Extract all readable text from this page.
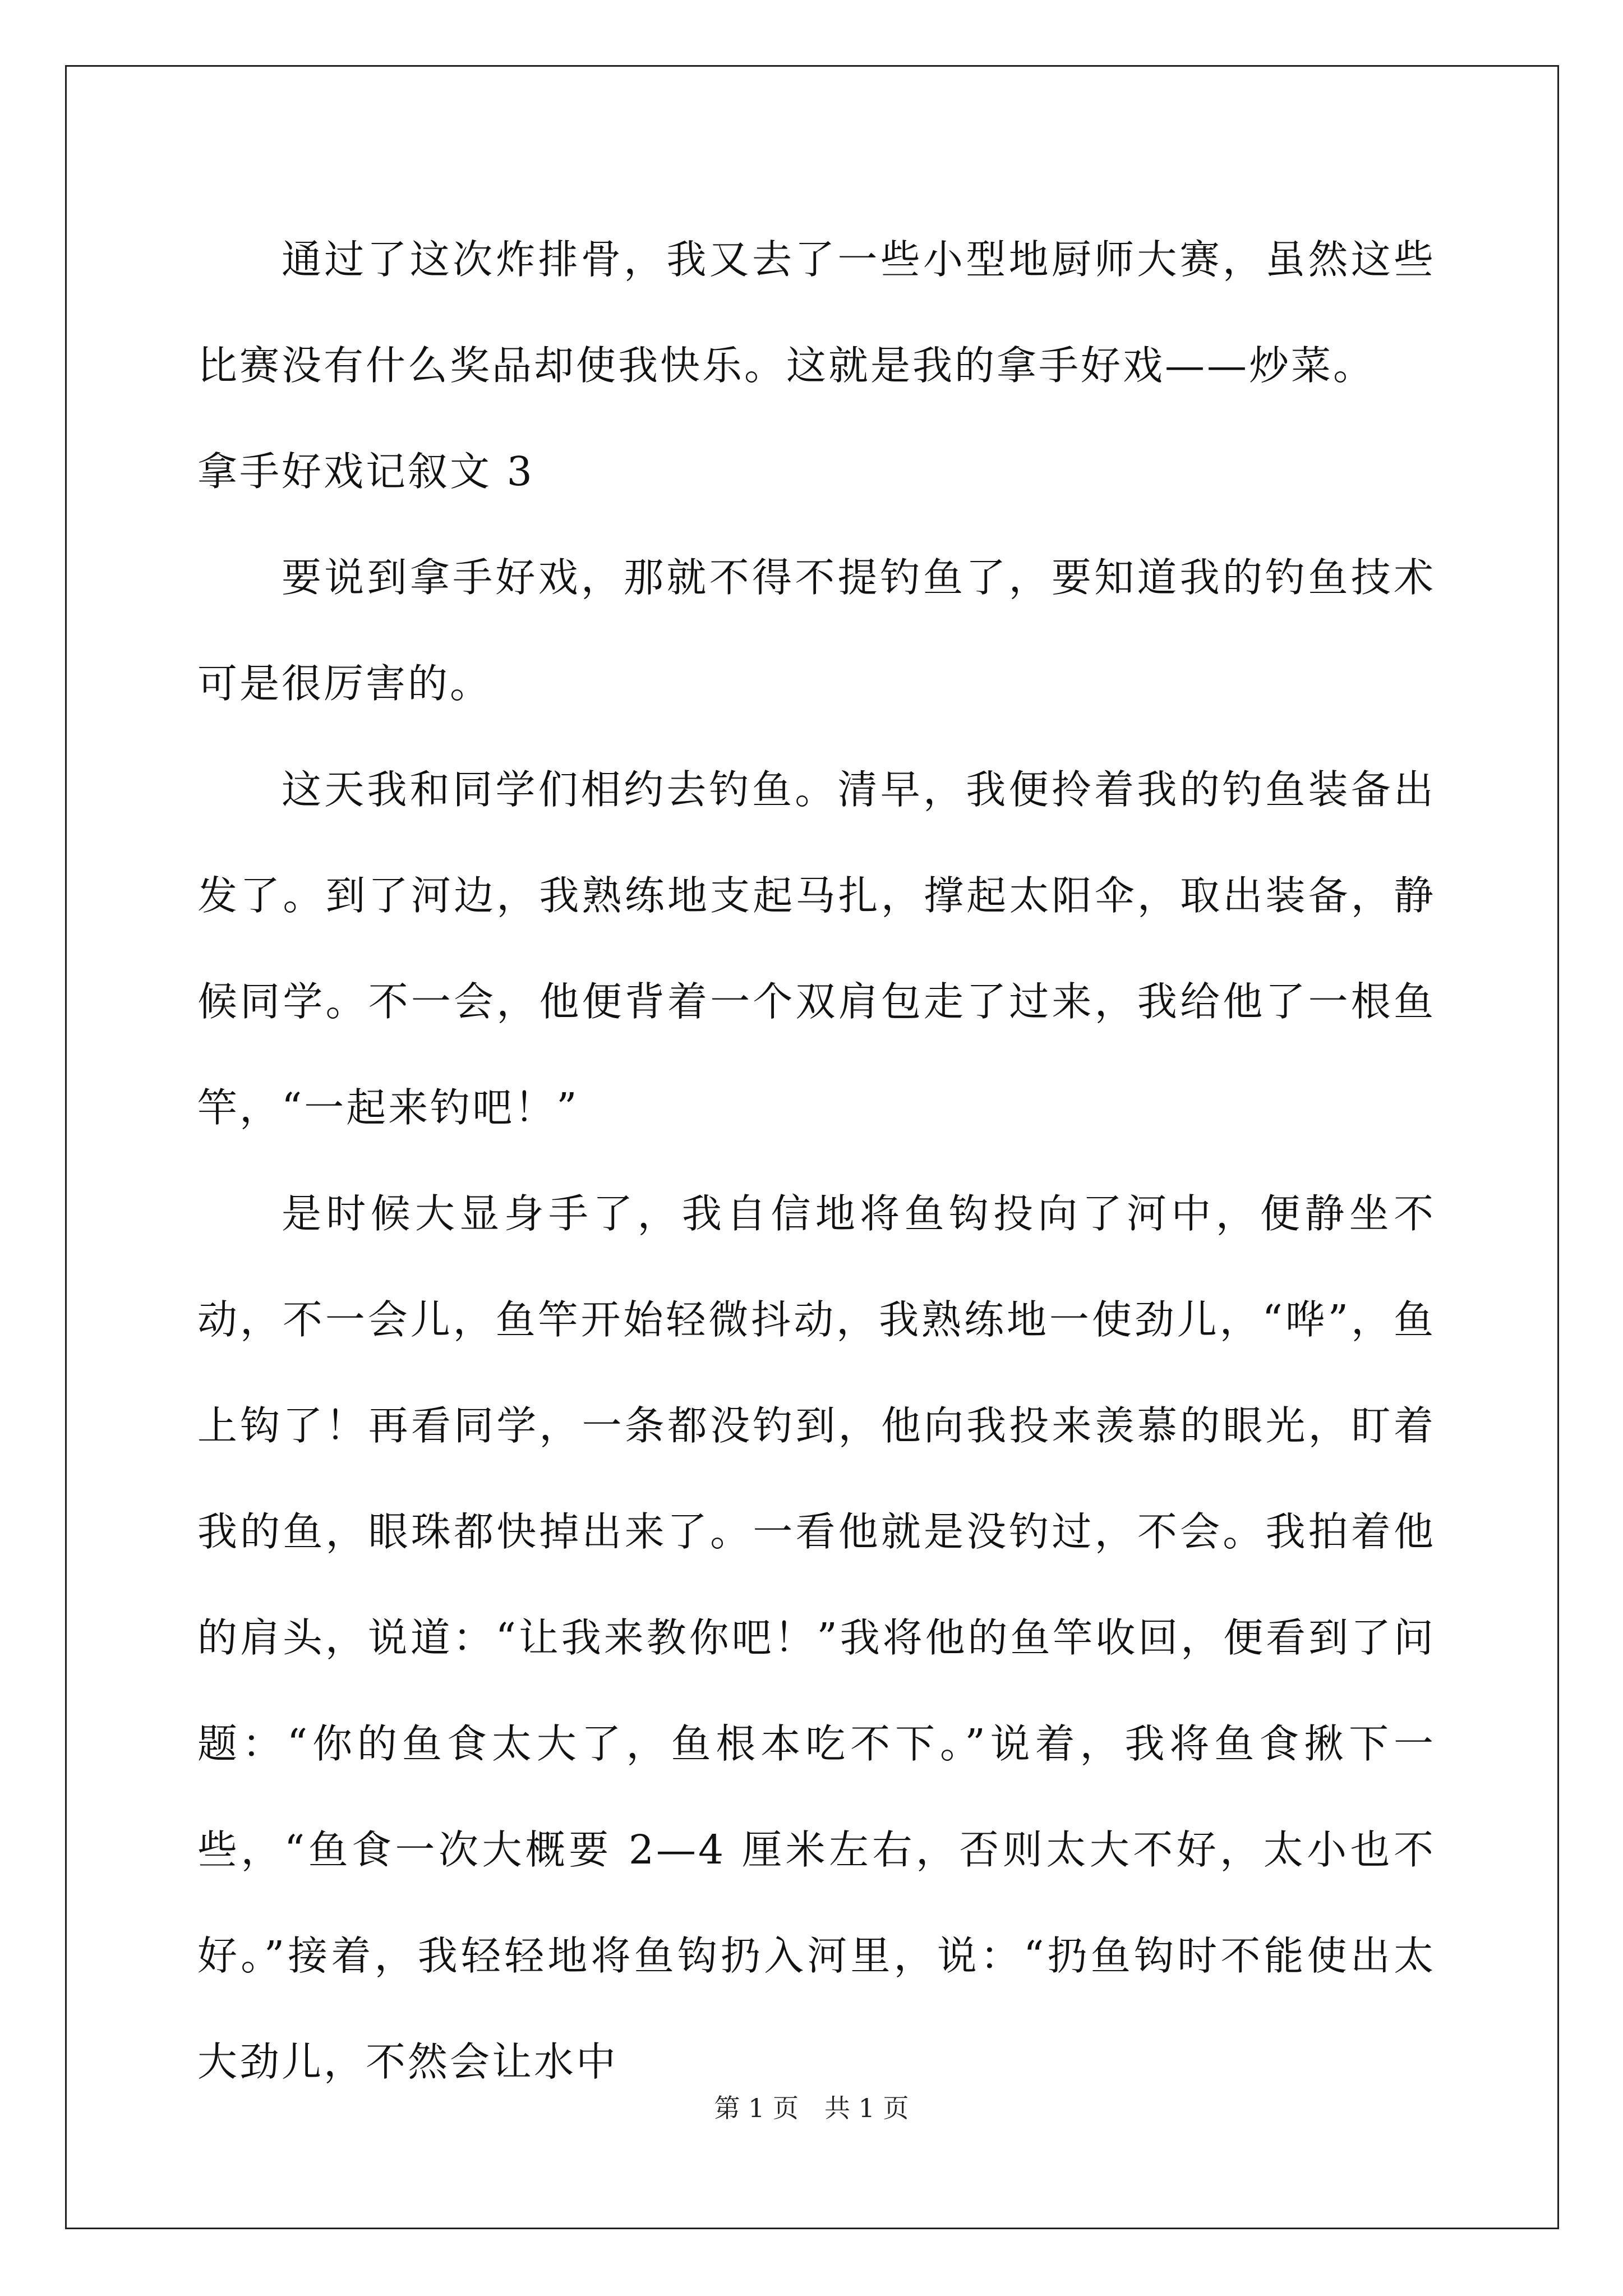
通过了这次炸排骨，我又去了一些小型地厨师大赛，虽然这些比赛没有什么奖品却使我快乐。这就是我的拿手好戏——炒菜。

拿手好戏记叙文 3

要说到拿手好戏，那就不得不提钓鱼了，要知道我的钓鱼技术可是很厉害的。

这天我和同学们相约去钓鱼。清早，我便拎着我的钓鱼装备出发了。到了河边，我熟练地支起马扎，撑起太阳伞，取出装备，静候同学。不一会，他便背着一个双肩包走了过来，我给他了一根鱼竿，“一起来钓吧！”

是时候大显身手了，我自信地将鱼钩投向了河中，便静坐不动，不一会儿，鱼竿开始轻微抖动，我熟练地一使劲儿，“哗”，鱼上钩了！再看同学，一条都没钓到，他向我投来羡慕的眼光，盯着我的鱼，眼珠都快掉出来了。一看他就是没钓过，不会。我拍着他的肩头，说道：“让我来教你吧！”我将他的鱼竿收回，便看到了问题：“你的鱼食太大了，鱼根本吃不下。”说着，我将鱼食揪下一些，“鱼食一次大概要 2—4 厘米左右，否则太大不好，太小也不好。”接着，我轻轻地将鱼钩扔入河里，说：“扔鱼钩时不能使出太大劲儿，不然会让水中

第 1 页　共 1 页
